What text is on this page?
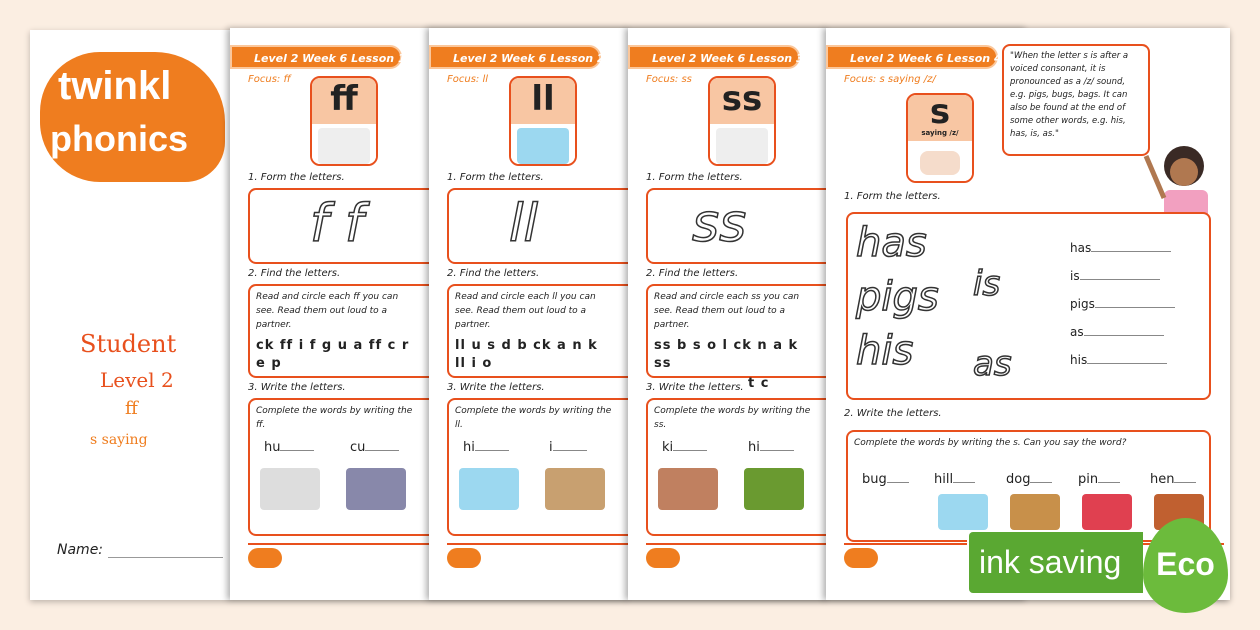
twinkl
phonics
Student
Level 2
ff
s saying
Name:
Level 2 Week 6 Lesson 1
Focus: ff	ff
1. Form the letters.
f f
2. Find the letters.
Read and circle each ff you can see. Read them out loud to a partner.
ck ff i f g u a ff c r e p
3. Write the letters.
Complete the words by writing the ff.
hu	cu
Level 2 Week 6 Lesson 2
Focus: ll	ll
1. Form the letters.
ll
2. Find the letters.
Read and circle each ll you can see. Read them out loud to a partner.
ll u s d b ck a n k ll i o
3. Write the letters.
Complete the words by writing the ll.
hi	i
Level 2 Week 6 Lesson 3
Focus: ss ss
1. Form the letters.
ss
2. Find the letters.
Read and circle each ss you can see. Read them out loud to a partner.
ss b s o l ck n a k ss
t c
3. Write the letters.
Complete the words by writing the ss.
ki	hi
Level 2 Week 6 Lesson 4
Focus: s saying /z/
s
saying /z/
"When the letter s is after a voiced consonant, it is pronounced as a /z/ sound, e.g. pigs, bugs, bags. It can also be found at the end of some other words, e.g. his, has, is, as."
1. Form the letters.
has
pigs
his
is
as
has
is
pigs
as
his
2. Write the letters.
Complete the words by writing the s. Can you say the word?
bug	hill	dog	pin	hen
ink saving	Eco
